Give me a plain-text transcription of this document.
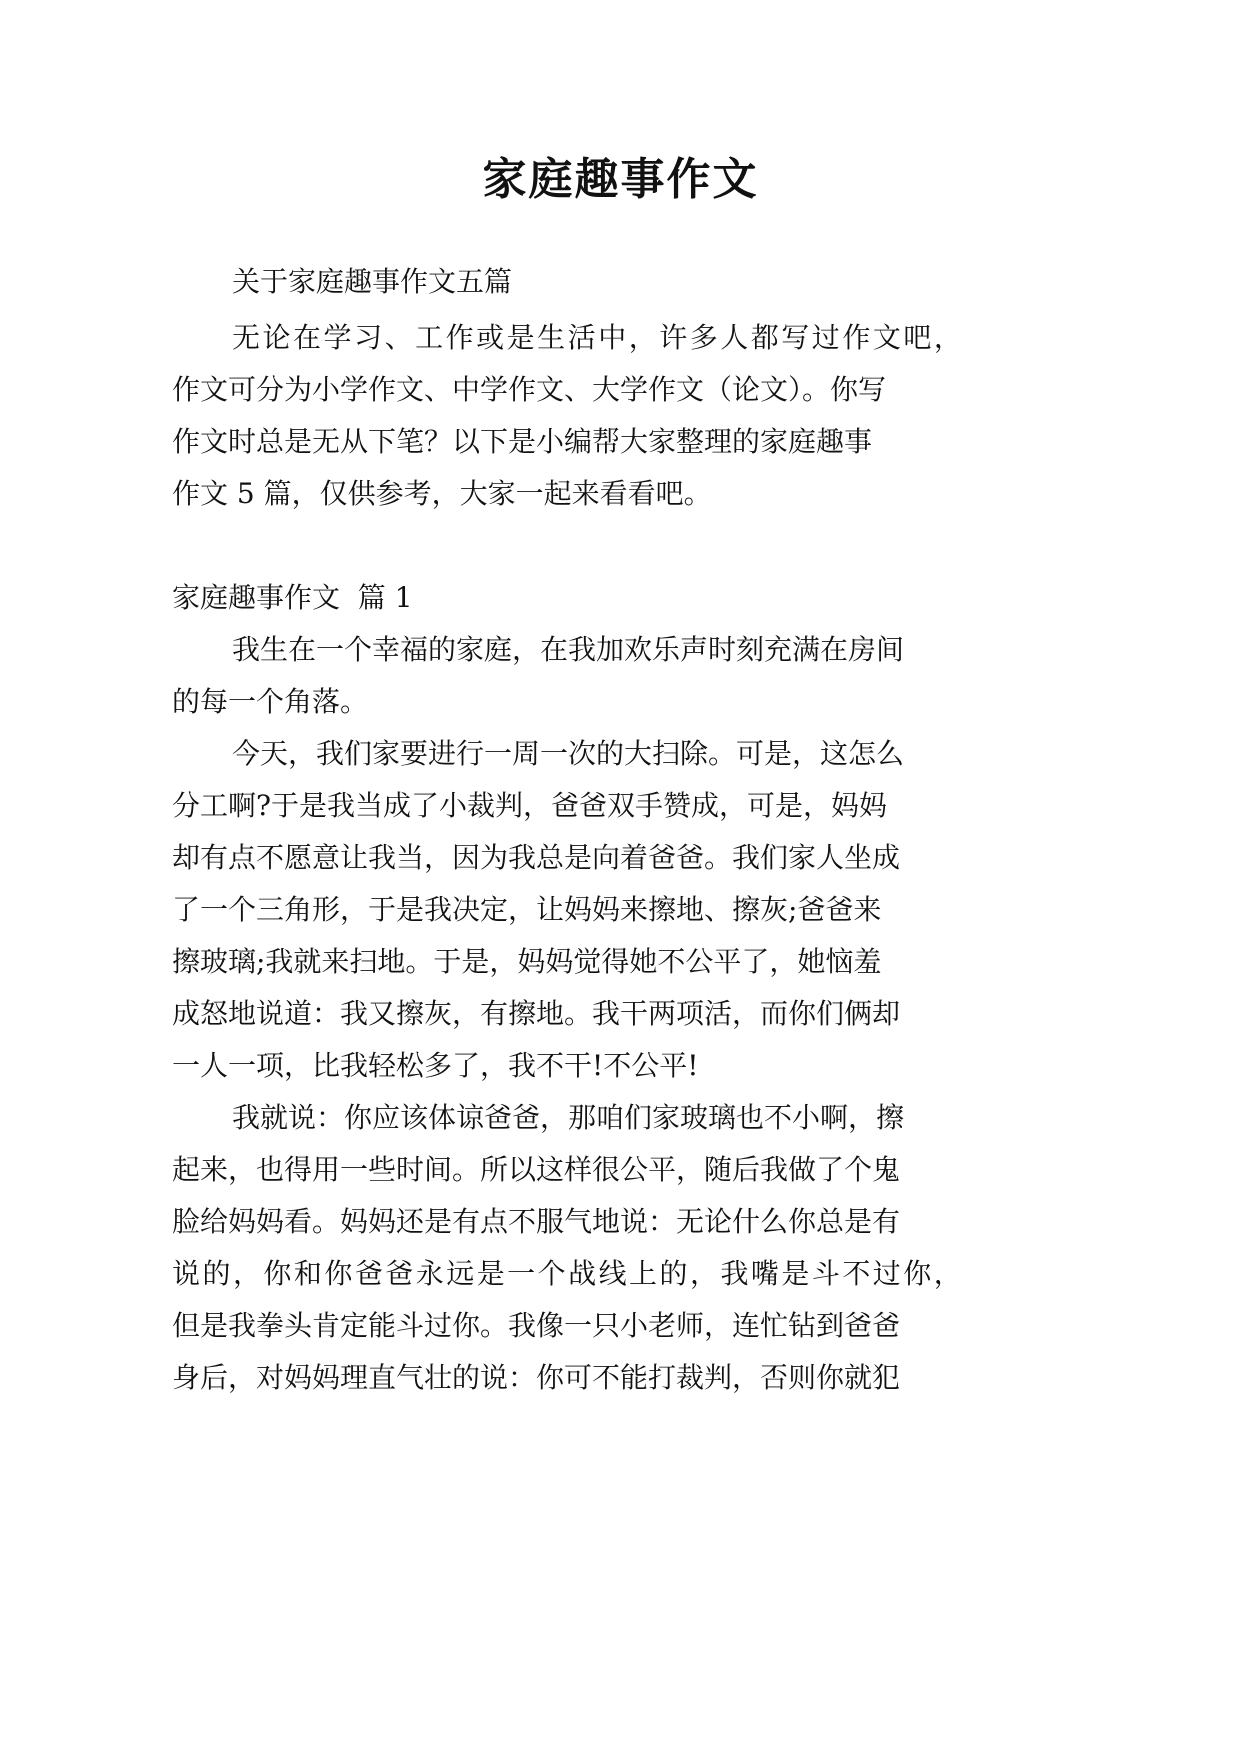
家庭趣事作文
关于家庭趣事作文五篇
无 论 在 学 习 、 工 作 或 是 生 活 中 ， 许 多 人 都 写 过 作 文 吧 ，
作文可分为小学作文、中学作文、大学作文（论文）。你写
作文时总是无从下笔？以下是小编帮大家整理的家庭趣事
作文 5 篇，仅供参考，大家一起来看看吧。
家庭趣事作文  篇 1
我生在一个幸福的家庭，在我加欢乐声时刻充满在房间
的每一个角落。
今天，我们家要进行一周一次的大扫除。可是，这怎么
分工啊?于是我当成了小裁判，爸爸双手赞成，可是，妈妈
却有点不愿意让我当，因为我总是向着爸爸。我们家人坐成
了一个三角形，于是我决定，让妈妈来擦地、擦灰;爸爸来
擦玻璃;我就来扫地。于是，妈妈觉得她不公平了，她恼羞
成怒地说道：我又擦灰，有擦地。我干两项活，而你们俩却
一人一项，比我轻松多了，我不干!不公平!
我就说：你应该体谅爸爸，那咱们家玻璃也不小啊，擦
起来，也得用一些时间。所以这样很公平，随后我做了个鬼
脸给妈妈看。妈妈还是有点不服气地说：无论什么你总是有
说 的 ， 你 和 你 爸 爸 永 远 是 一 个 战 线 上 的 ， 我 嘴 是 斗 不 过 你 ，
但是我拳头肯定能斗过你。我像一只小老师，连忙钻到爸爸
身后，对妈妈理直气壮的说：你可不能打裁判，否则你就犯
